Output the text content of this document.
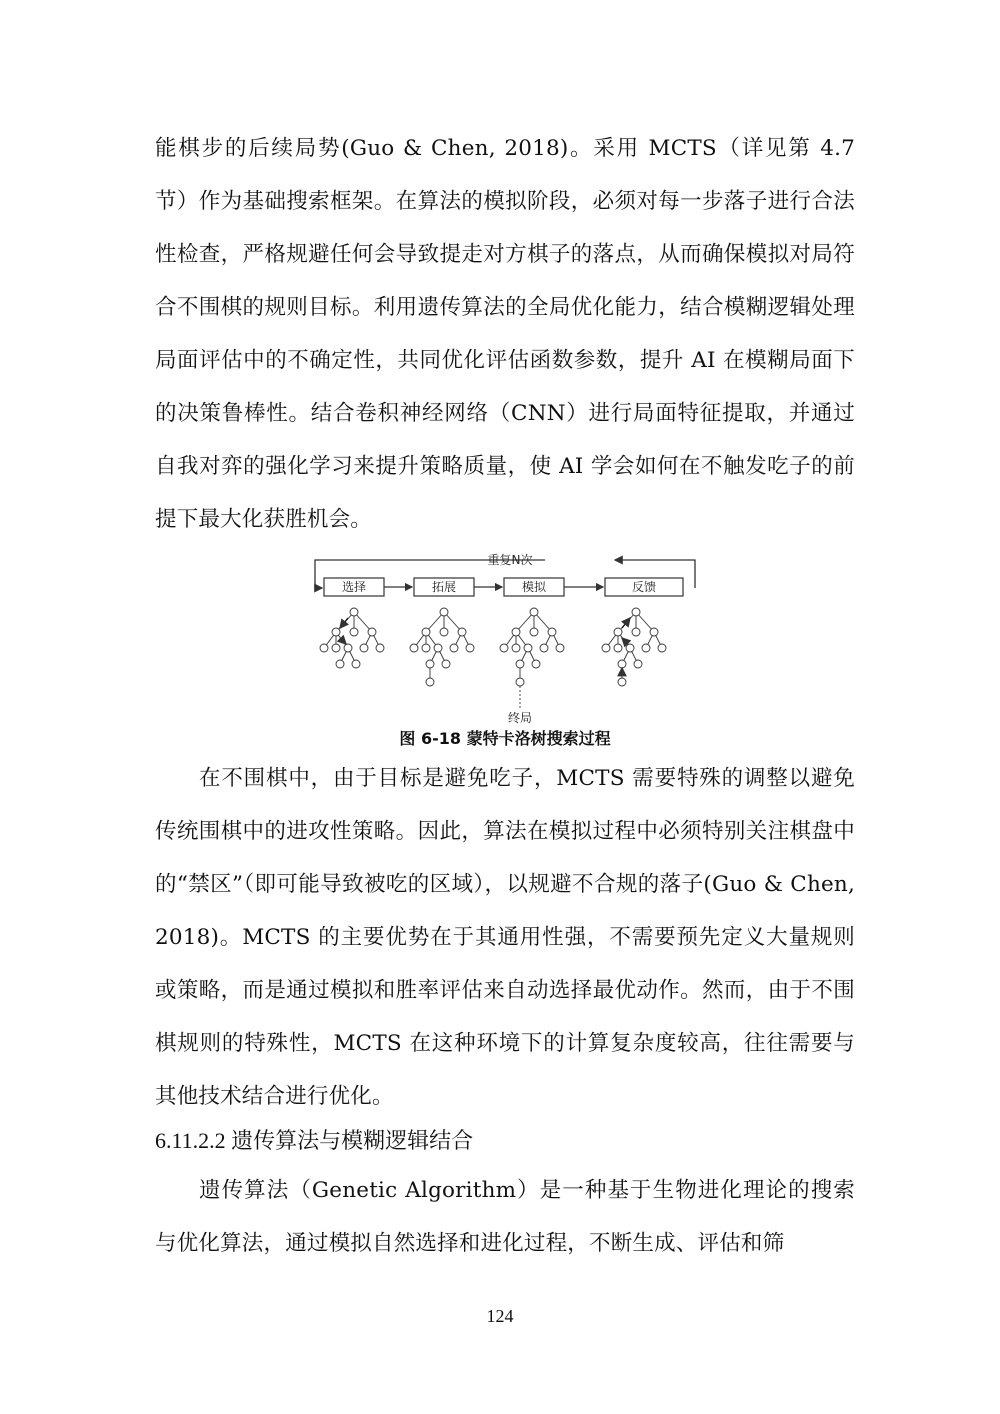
能棋步的后续局势(Guo & Chen, 2018)。采用 MCTS（详见第 4.7 节）作为基础搜索框架。在算法的模拟阶段，必须对每一步落子进行合法性检查，严格规避任何会导致提走对方棋子的落点，从而确保模拟对局符合不围棋的规则目标。利用遗传算法的全局优化能力，结合模糊逻辑处理局面评估中的不确定性，共同优化评估函数参数，提升 AI 在模糊局面下的决策鲁棒性。结合卷积神经网络（CNN）进行局面特征提取，并通过自我对弈的强化学习来提升策略质量，使 AI 学会如何在不触发吃子的前提下最大化获胜机会。

重复N次
选择	拓展	模拟	反馈
终局
图 6-18 蒙特卡洛树搜索过程

在不围棋中，由于目标是避免吃子，MCTS 需要特殊的调整以避免传统围棋中的进攻性策略。因此，算法在模拟过程中必须特别关注棋盘中的“禁区”（即可能导致被吃的区域），以规避不合规的落子(Guo & Chen, 2018)。MCTS 的主要优势在于其通用性强，不需要预先定义大量规则或策略，而是通过模拟和胜率评估来自动选择最优动作。然而，由于不围棋规则的特殊性，MCTS 在这种环境下的计算复杂度较高，往往需要与其他技术结合进行优化。

6.11.2.2 遗传算法与模糊逻辑结合

遗传算法（Genetic Algorithm）是一种基于生物进化理论的搜索与优化算法，通过模拟自然选择和进化过程，不断生成、评估和筛

124
